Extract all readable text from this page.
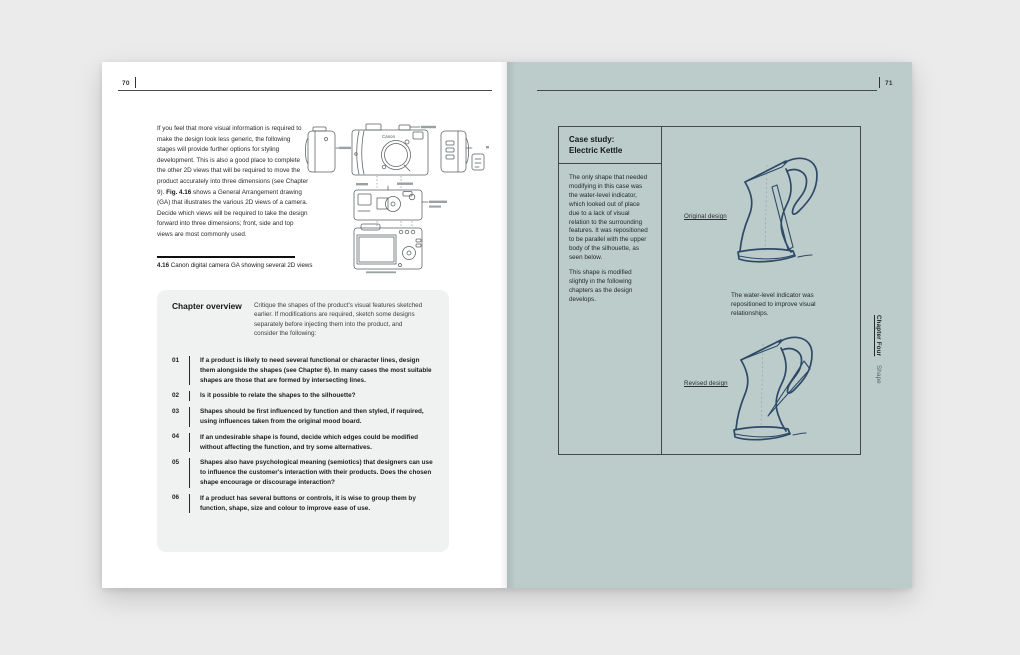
70
If you feel that more visual information is required to make the design look less generic, the following stages will provide further options for styling development. This is also a good place to complete the other 2D views that will be required to move the product accurately into three dimensions (see Chapter 9). Fig. 4.16 shows a General Arrangement drawing (GA) that illustrates the various 2D views of a camera. Decide which views will be required to take the design forward into three dimensions; front, side and top views are most commonly used.
Canon
4.16 Canon digital camera GA showing several 2D views
Chapter overview Critique the shapes of the product's visual features sketched earlier. If modifications are required, sketch some designs separately before injecting them into the product, and consider the following:
01	If a product is likely to need several functional or character lines, design them alongside the shapes (see Chapter 6). In many cases the most suitable shapes are those that are formed by intersecting lines.
02	Is it possible to relate the shapes to the silhouette?
03	Shapes should be first influenced by function and then styled, if required, using influences taken from the original mood board.
04	If an undesirable shape is found, decide which edges could be modified without affecting the function, and try some alternatives.
05	Shapes also have psychological meaning (semiotics) that designers can use to influence the customer's interaction with their products. Does the chosen shape encourage or discourage interaction?
06	If a product has several buttons or controls, it is wise to group them by function, shape, size and colour to improve ease of use.
71
Case study:
Electric Kettle

The only shape that needed modifying in this case was the water-level indicator, which looked out of place due to a lack of visual relation to the surrounding features. It was repositioned to be parallel with the upper body of the silhouette, as seen below.

This shape is modified slightly in the following chapters as the design develops.

Original design
The water-level indicator was repositioned to improve visual relationships.
Revised design
Chapter Four Shape
